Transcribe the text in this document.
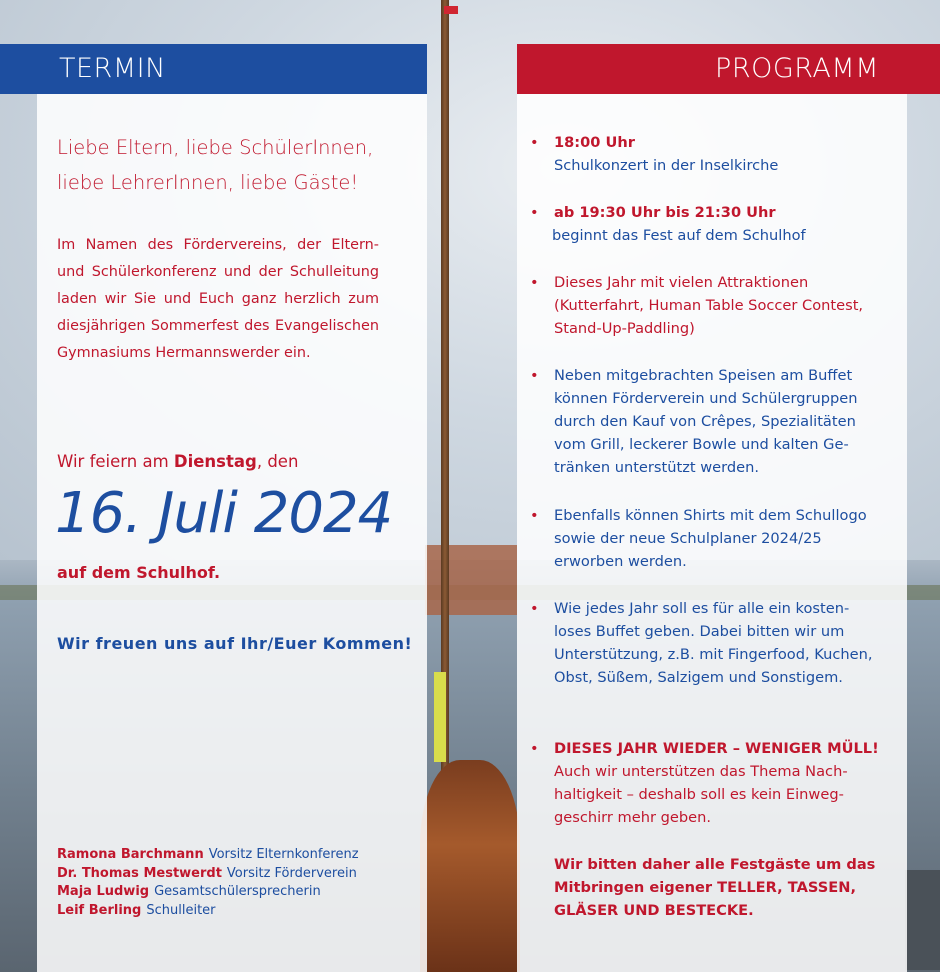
TERMIN	PROGRAMM
Liebe Eltern, liebe SchülerInnen,
liebe LehrerInnen, liebe Gäste!
Im Namen des Fördervereins, der Eltern- und Schülerkonferenz und der Schulleitung laden wir Sie und Euch ganz herzlich zum diesjährigen Sommerfest des Evangelischen Gymnasiums Hermannswerder ein.
Wir feiern am Dienstag, den
16. Juli 2024
auf dem Schulhof.
Wir freuen uns auf Ihr/Euer Kommen!
Ramona Barchmann Vorsitz Elternkonferenz
Dr. Thomas Mestwerdt Vorsitz Förderverein
Maja Ludwig Gesamtschülersprecherin
Leif Berling Schulleiter
• 18:00 Uhr
Schulkonzert in der Inselkirche
• ab 19:30 Uhr bis 21:30 Uhr
beginnt das Fest auf dem Schulhof
• Dieses Jahr mit vielen Attraktionen
(Kutterfahrt, Human Table Soccer Contest,
Stand-Up-Paddling)
• Neben mitgebrachten Speisen am Buffet
können Förderverein und Schülergruppen
durch den Kauf von Crêpes, Spezialitäten
vom Grill, leckerer Bowle und kalten Ge-
tränken unterstützt werden.
• Ebenfalls können Shirts mit dem Schullogo
sowie der neue Schulplaner 2024/25
erworben werden.
• Wie jedes Jahr soll es für alle ein kosten-
loses Buffet geben. Dabei bitten wir um
Unterstützung, z.B. mit Fingerfood, Kuchen,
Obst, Süßem, Salzigem und Sonstigem.
• DIESES JAHR WIEDER – WENIGER MÜLL!
Auch wir unterstützen das Thema Nach-
haltigkeit – deshalb soll es kein Einweg-
geschirr mehr geben.
Wir bitten daher alle Festgäste um das
Mitbringen eigener TELLER, TASSEN,
GLÄSER UND BESTECKE.
